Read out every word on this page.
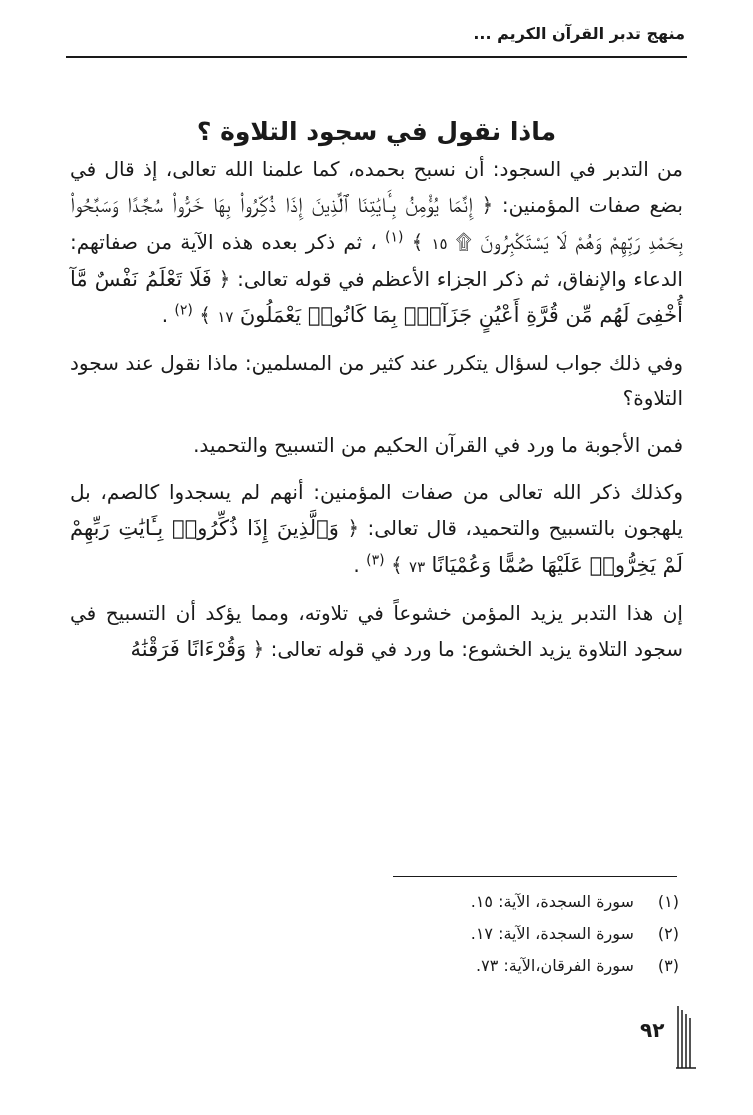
منهج تدبر القرآن الكريم ...
ماذا نقول في سجود التلاوة ؟

من التدبر في السجود: أن نسبح بحمده، كما علمنا الله تعالى، إذ قال في بضع صفات المؤمنين: ﴿ إِنَّمَا يُؤْمِنُ بِـَٔايَٰتِنَا ٱلَّذِينَ إِذَا ذُكِّرُوا۟ بِهَا خَرُّوا۟ سُجَّدًا وَسَبَّحُوا۟ بِحَمْدِ رَبِّهِمْ وَهُمْ لَا يَسْتَكْبِرُونَ ۩ ١٥ ﴾ $^{(١)}$ ، ثم ذكر بعده هذه الآية من صفاتهم: الدعاء والإنفاق، ثم ذكر الجزاء الأعظم في قوله تعالى: ﴿ فَلَا تَعْلَمُ نَفْسٌ مَّآ أُخْفِىَ لَهُم مِّن قُرَّةِ أَعْيُنٍ جَزَآءًۢ بِمَا كَانُوا۟ يَعْمَلُونَ ١٧ ﴾ $^{(٢)}$ .

وفي ذلك جواب لسؤال يتكرر عند كثير من المسلمين: ماذا نقول عند سجود التلاوة؟

فمن الأجوبة ما ورد في القرآن الحكيم من التسبيح والتحميد.

وكذلك ذكر الله تعالى من صفات المؤمنين: أنهم لم يسجدوا كالصم، بل يلهجون بالتسبيح والتحميد، قال تعالى: ﴿ وَٱلَّذِينَ إِذَا ذُكِّرُوا۟ بِـَٔايَٰتِ رَبِّهِمْ لَمْ يَخِرُّوا۟ عَلَيْهَا صُمًّا وَعُمْيَانًا ٧٣ ﴾ $^{(٣)}$ .

إن هذا التدبر يزيد المؤمن خشوعاً في تلاوته، ومما يؤكد أن التسبيح في سجود التلاوة يزيد الخشوع: ما ورد في قوله تعالى: ﴿ وَقُرْءَانًا فَرَقْنَٰهُ

(١) سورة السجدة، الآية: ١٥.
(٢) سورة السجدة، الآية: ١٧.
(٣) سورة الفرقان،الآية: ٧٣.
٩٢
